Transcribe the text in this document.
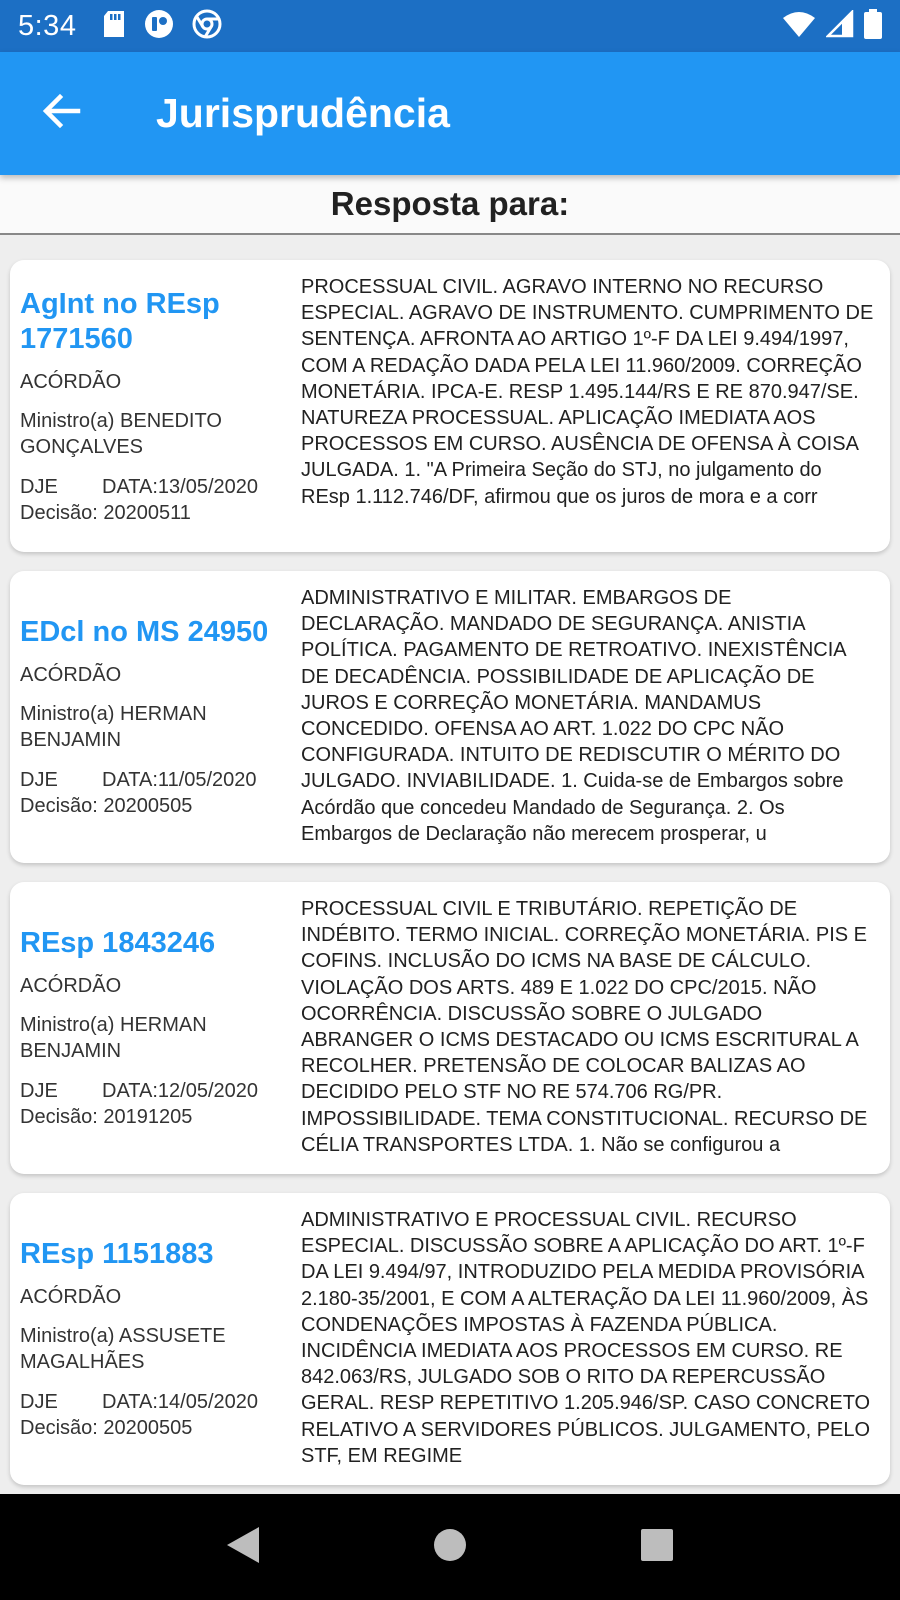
5:34
Jurisprudência
Resposta para:
AgInt no REsp 1771560
ACÓRDÃO
Ministro(a) BENEDITO GONÇALVES
DJE	DATA:13/05/2020
Decisão: 20200511
PROCESSUAL CIVIL. AGRAVO INTERNO NO RECURSO ESPECIAL. AGRAVO DE INSTRUMENTO. CUMPRIMENTO DE SENTENÇA. AFRONTA AO ARTIGO 1º-F DA LEI 9.494/1997, COM A REDAÇÃO DADA PELA LEI 11.960/2009. CORREÇÃO MONETÁRIA. IPCA-E. RESP 1.495.144/RS E RE 870.947/SE. NATUREZA PROCESSUAL. APLICAÇÃO IMEDIATA AOS PROCESSOS EM CURSO. AUSÊNCIA DE OFENSA À COISA JULGADA. 1. "A Primeira Seção do STJ, no julgamento do REsp 1.112.746/DF, afirmou que os juros de mora e a corr
EDcl no MS 24950
ACÓRDÃO
Ministro(a) HERMAN BENJAMIN
DJE	DATA:11/05/2020
Decisão: 20200505
ADMINISTRATIVO E MILITAR. EMBARGOS DE DECLARAÇÃO. MANDADO DE SEGURANÇA. ANISTIA POLÍTICA. PAGAMENTO DE RETROATIVO. INEXISTÊNCIA DE DECADÊNCIA. POSSIBILIDADE DE APLICAÇÃO DE JUROS E CORREÇÃO MONETÁRIA. MANDAMUS CONCEDIDO. OFENSA AO ART. 1.022 DO CPC NÃO CONFIGURADA. INTUITO DE REDISCUTIR O MÉRITO DO JULGADO. INVIABILIDADE. 1. Cuida-se de Embargos sobre Acórdão que concedeu Mandado de Segurança. 2. Os Embargos de Declaração não merecem prosperar, u
REsp 1843246
ACÓRDÃO
Ministro(a) HERMAN BENJAMIN
DJE	DATA:12/05/2020
Decisão: 20191205
PROCESSUAL CIVIL E TRIBUTÁRIO. REPETIÇÃO DE INDÉBITO. TERMO INICIAL. CORREÇÃO MONETÁRIA. PIS E COFINS. INCLUSÃO DO ICMS NA BASE DE CÁLCULO. VIOLAÇÃO DOS ARTS. 489 E 1.022 DO CPC/2015. NÃO OCORRÊNCIA. DISCUSSÃO SOBRE O JULGADO ABRANGER O ICMS DESTACADO OU ICMS ESCRITURAL A RECOLHER. PRETENSÃO DE COLOCAR BALIZAS AO DECIDIDO PELO STF NO RE 574.706 RG/PR. IMPOSSIBILIDADE. TEMA CONSTITUCIONAL. RECURSO DE CÉLIA TRANSPORTES LTDA. 1. Não se configurou a
REsp 1151883
ACÓRDÃO
Ministro(a) ASSUSETE MAGALHÃES
DJE	DATA:14/05/2020
Decisão: 20200505
ADMINISTRATIVO E PROCESSUAL CIVIL. RECURSO ESPECIAL. DISCUSSÃO SOBRE A APLICAÇÃO DO ART. 1º-F DA LEI 9.494/97, INTRODUZIDO PELA MEDIDA PROVISÓRIA 2.180-35/2001, E COM A ALTERAÇÃO DA LEI 11.960/2009, ÀS CONDENAÇÕES IMPOSTAS À FAZENDA PÚBLICA. INCIDÊNCIA IMEDIATA AOS PROCESSOS EM CURSO. RE 842.063/RS, JULGADO SOB O RITO DA REPERCUSSÃO GERAL. RESP REPETITIVO 1.205.946/SP. CASO CONCRETO RELATIVO A SERVIDORES PÚBLICOS. JULGAMENTO, PELO STF, EM REGIME
